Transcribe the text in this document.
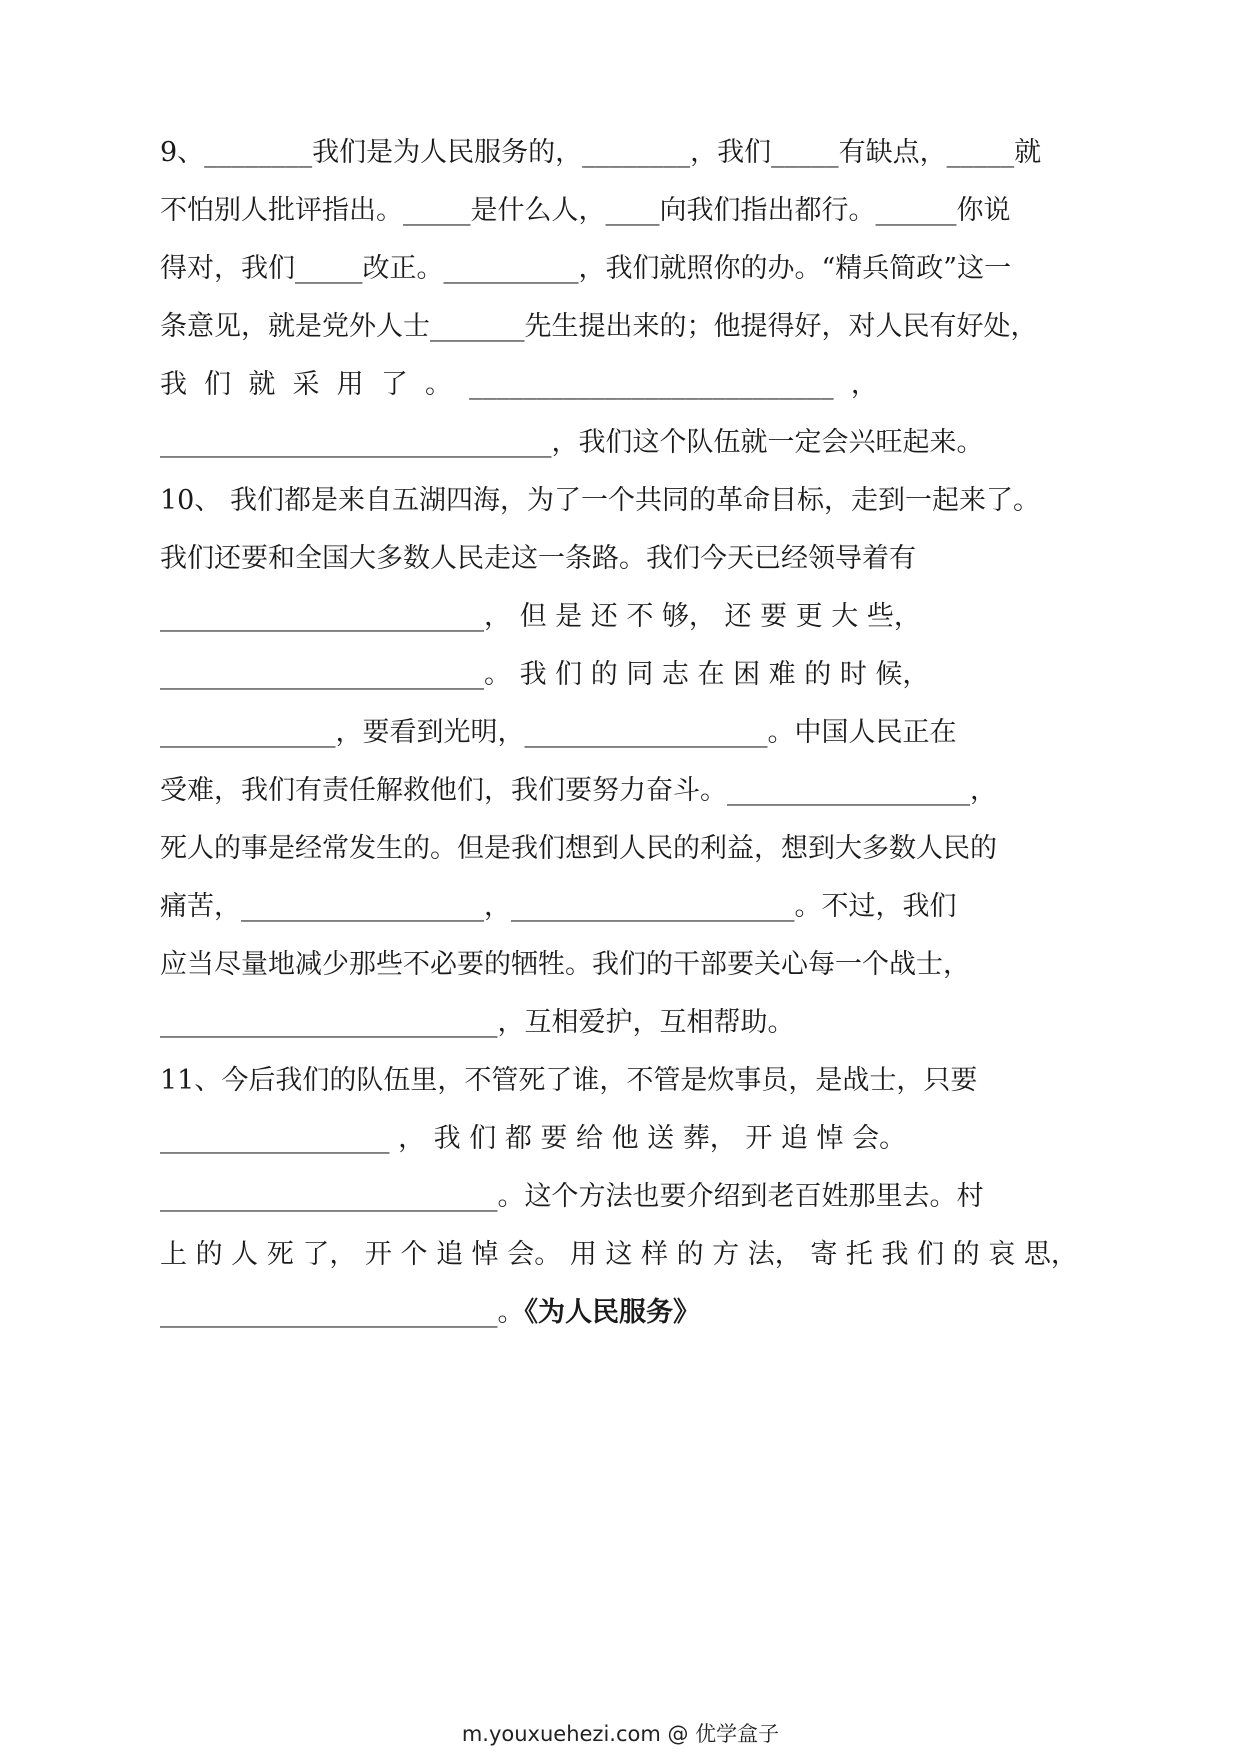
9、________我们是为人民服务的，________，我们_____有缺点，_____就
不怕别人批评指出。_____是什么人，____向我们指出都行。______你说
得对，我们_____改正。__________，我们就照你的办。“精兵简政”这一
条意见，就是党外人士_______先生提出来的；他提得好，对人民有好处，
我  们  就  采  用  了  。  ___________________________  ，
_____________________________，我们这个队伍就一定会兴旺起来。
10、 我们都是来自五湖四海，为了一个共同的革命目标，走到一起来了。
我们还要和全国大多数人民走这一条路。我们今天已经领导着有
________________________， 但 是 还 不 够， 还 要 更 大 些，
________________________。 我 们 的 同 志 在 困 难 的 时 候，
_____________，要看到光明，__________________。中国人民正在
受难，我们有责任解救他们，我们要努力奋斗。__________________，
死人的事是经常发生的。但是我们想到人民的利益，想到大多数人民的
痛苦，__________________，_____________________。不过，我们
应当尽量地减少那些不必要的牺牲。我们的干部要关心每一个战士，
_________________________，互相爱护，互相帮助。
11、今后我们的队伍里，不管死了谁，不管是炊事员，是战士，只要
_________________ ， 我 们 都 要 给 他 送 葬， 开 追 悼 会。
_________________________。这个方法也要介绍到老百姓那里去。村
上 的 人 死 了， 开 个 追 悼 会。 用 这 样 的 方 法， 寄 托 我 们 的 哀 思，
_________________________。《为人民服务》
m.youxuehezi.com @ 优学盒子
